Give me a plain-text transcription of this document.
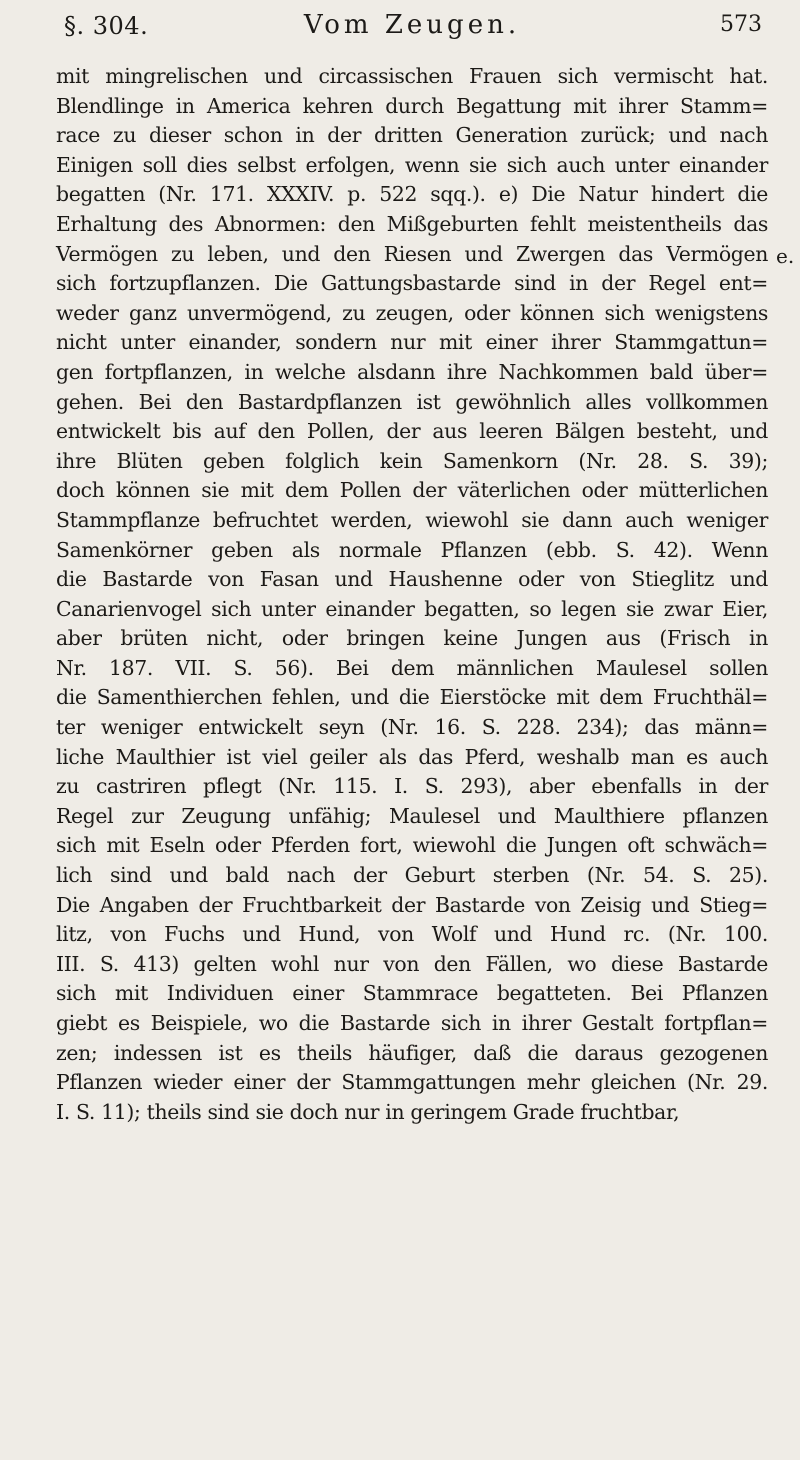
§. 304.	Vom Zeugen.	573
mit mingrelischen und circassischen Frauen sich vermischt hat.
Blendlinge in America kehren durch Begattung mit ihrer Stamm=
race zu dieser schon in der dritten Generation zurück; und nach
Einigen soll dies selbst erfolgen, wenn sie sich auch unter einander
begatten (Nr. 171. XXXIV. p. 522 sqq.). e) Die Natur hindert die
Erhaltung des Abnormen: den Mißgeburten fehlt meistentheils das
Vermögen zu leben, und den Riesen und Zwergen das Vermögen
sich fortzupflanzen. Die Gattungsbastarde sind in der Regel ent=
weder ganz unvermögend, zu zeugen, oder können sich wenigstens
nicht unter einander, sondern nur mit einer ihrer Stammgattun=
gen fortpflanzen, in welche alsdann ihre Nachkommen bald über=
gehen. Bei den Bastardpflanzen ist gewöhnlich alles vollkommen
entwickelt bis auf den Pollen, der aus leeren Bälgen besteht, und
ihre Blüten geben folglich kein Samenkorn (Nr. 28. S. 39);
doch können sie mit dem Pollen der väterlichen oder mütterlichen
Stammpflanze befruchtet werden, wiewohl sie dann auch weniger
Samenkörner geben als normale Pflanzen (ebb. S. 42). Wenn
die Bastarde von Fasan und Haushenne oder von Stieglitz und
Canarienvogel sich unter einander begatten, so legen sie zwar Eier,
aber brüten nicht, oder bringen keine Jungen aus (Frisch in
Nr. 187. VII. S. 56). Bei dem männlichen Maulesel sollen
die Samenthierchen fehlen, und die Eierstöcke mit dem Fruchthäl=
ter weniger entwickelt seyn (Nr. 16. S. 228. 234); das männ=
liche Maulthier ist viel geiler als das Pferd, weshalb man es auch
zu castriren pflegt (Nr. 115. I. S. 293), aber ebenfalls in der
Regel zur Zeugung unfähig; Maulesel und Maulthiere pflanzen
sich mit Eseln oder Pferden fort, wiewohl die Jungen oft schwäch=
lich sind und bald nach der Geburt sterben (Nr. 54. S. 25).
Die Angaben der Fruchtbarkeit der Bastarde von Zeisig und Stieg=
litz, von Fuchs und Hund, von Wolf und Hund rc. (Nr. 100.
III. S. 413) gelten wohl nur von den Fällen, wo diese Bastarde
sich mit Individuen einer Stammrace begatteten. Bei Pflanzen
giebt es Beispiele, wo die Bastarde sich in ihrer Gestalt fortpflan=
zen; indessen ist es theils häufiger, daß die daraus gezogenen
Pflanzen wieder einer der Stammgattungen mehr gleichen (Nr. 29.
I. S. 11); theils sind sie doch nur in geringem Grade fruchtbar,
e.
